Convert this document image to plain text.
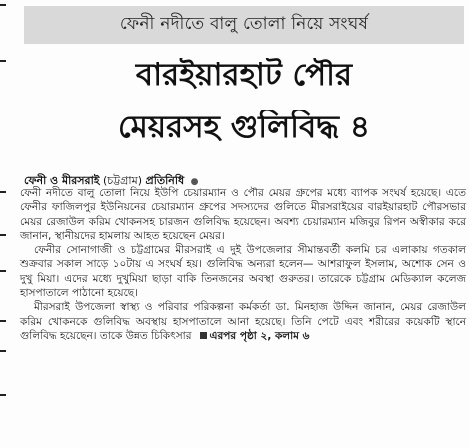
ফেনী নদীতে বালু তোলা নিয়ে সংঘর্ষ
বারইয়ারহাট পৌর
মেয়রসহ গুলিবিদ্ধ ৪
ফেনী ও মীরসরাই (চট্টগ্রাম) প্রতিনিধি ●

ফেনী নদীতে বালু তোলা নিয়ে ইউপি চেয়ারম্যান ও পৌর মেয়র গ্রুপের মধ্যে ব্যাপক সংঘর্ষ হয়েছে। এতে ফেনীর ফাজিলপুর ইউনিয়নের চেয়ারম্যান গ্রুপের সদস্যদের গুলিতে মীরসরাইয়ের বারইয়ারহাট পৌরসভার মেয়র রেজাউল করিম খোকনসহ চারজন গুলিবিদ্ধ হয়েছেন। অবশ্য চেয়ারম্যান মজিবুর রিপন অস্বীকার করে জানান, স্থানীয়দের হামলায় আহত হয়েছেন মেয়র।

ফেনীর সোনাগাজী ও চট্টগ্রামের মীরসরাই এ দুই উপজেলার সীমান্তবর্তী কলমি চর এলাকায় গতকাল শুক্রবার সকাল সাড়ে ১০টায় এ সংঘর্ষ হয়। গুলিবিদ্ধ অন্যরা হলেন— আশরাফুল ইসলাম, অশোক সেন ও দুখু মিয়া। এদের মধ্যে দুখুমিয়া ছাড়া বাকি তিনজনের অবস্থা গুরুতর। তারেকে চট্টগ্রাম মেডিক্যাল কলেজ হাসপাতালে পাঠানো হয়েছে।

মীরসরাই উপজেলা স্বাস্থ্য ও পরিবার পরিকল্পনা কর্মকর্তা ডা. মিনহাজ উদ্দিন জানান, মেয়র রেজাউল করিম খোকনকে গুলিবিদ্ধ অবস্থায় হাসপাতালে আনা হয়েছে। তিনি পেটে এবং শরীরের কয়েকটি স্থানে গুলিবিদ্ধ হয়েছেন। তাকে উন্নত চিকিৎসার এরপর পৃষ্ঠা ২, কলাম ৬
